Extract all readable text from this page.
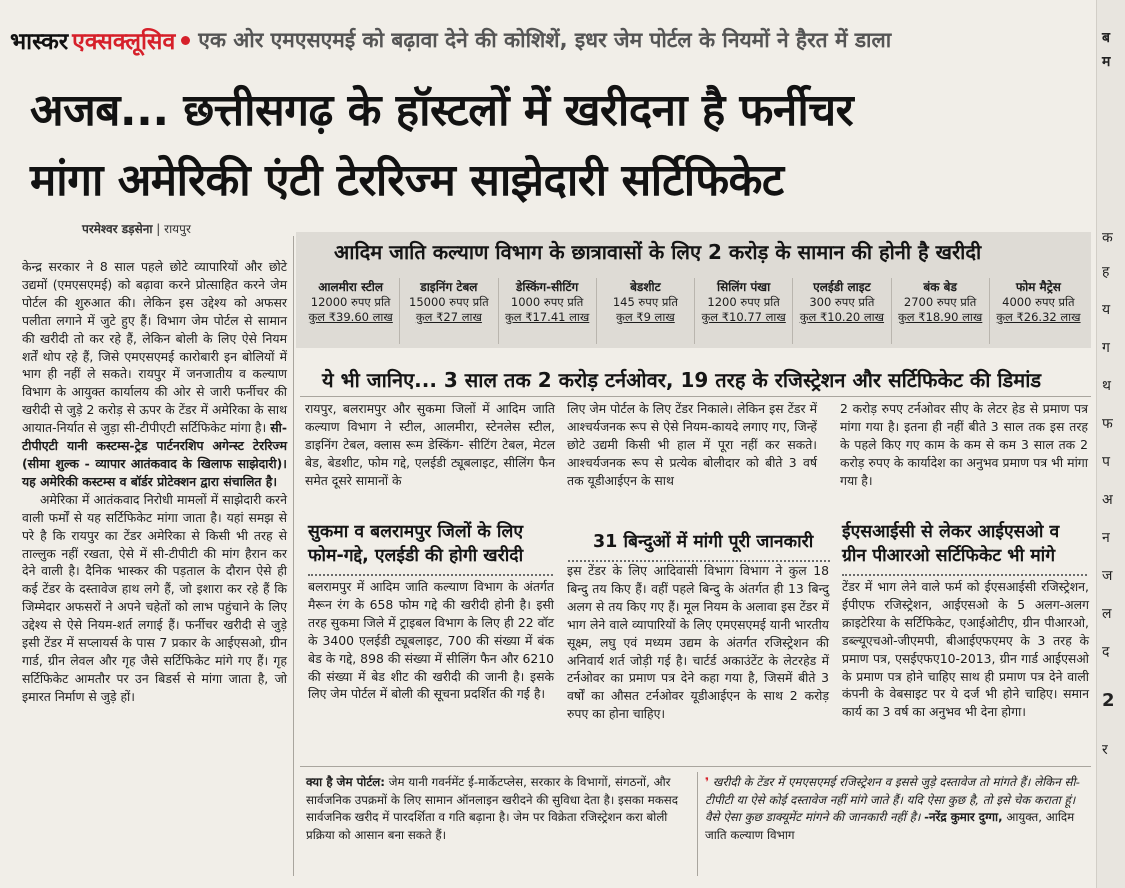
भास्कर एक्सक्लूसिव एक ओर एमएसएमई को बढ़ावा देने की कोशिशें, इधर जेम पोर्टल के नियमों ने हैरत में डाला
अजब... छत्तीसगढ़ के हॉस्टलों में खरीदना है फर्नीचर
मांगा अमेरिकी एंटी टेररिज्म साझेदारी सर्टिफिकेट
परमेश्वर डड़सेना | रायपुर

केन्द्र सरकार ने 8 साल पहले छोटे व्यापारियों और छोटे उद्यमों (एमएसएमई) को बढ़ावा करने प्रोत्साहित करने जेम पोर्टल की शुरुआत की। लेकिन इस उद्देश्य को अफसर पलीता लगाने में जुटे हुए हैं। विभाग जेम पोर्टल से सामान की खरीदी तो कर रहे हैं, लेकिन बोली के लिए ऐसे नियम शर्तें थोप रहे हैं, जिसे एमएसएमई कारोबारी इन बोलियों में भाग ही नहीं ले सकते। रायपुर में जनजातीय व कल्याण विभाग के आयुक्त कार्यालय की ओर से जारी फर्नीचर की खरीदी से जुड़े 2 करोड़ से ऊपर के टेंडर में अमेरिका के साथ आयात-निर्यात से जुड़ा सी-टीपीएटी सर्टिफिकेट मांगा है। सी-टीपीएटी यानी कस्टम्स-ट्रेड पार्टनरशिप अगेन्स्ट टेररिज्म (सीमा शुल्क - व्यापार आतंकवाद के खिलाफ साझेदारी)। यह अमेरिकी कस्टम्स व बॉर्डर प्रोटेक्शन द्वारा संचालित है।

अमेरिका में आतंकवाद निरोधी मामलों में साझेदारी करने वाली फर्मों से यह सर्टिफिकेट मांगा जाता है। यहां समझ से परे है कि रायपुर का टेंडर अमेरिका से किसी भी तरह से ताल्लुक नहीं रखता, ऐसे में सी-टीपीटी की मांग हैरान कर देने वाली है। दैनिक भास्कर की पड़ताल के दौरान ऐसे ही कई टेंडर के दस्तावेज हाथ लगे हैं, जो इशारा कर रहे हैं कि जिम्मेदार अफसरों ने अपने चहेतों को लाभ पहुंचाने के लिए उद्देश्य से ऐसे नियम-शर्त लगाई हैं। फर्नीचर खरीदी से जुड़े इसी टेंडर में सप्लायर्स के पास 7 प्रकार के आईएसओ, ग्रीन गार्ड, ग्रीन लेवल और गृह जैसे सर्टिफिकेट मांगे गए हैं। गृह सर्टिफिकेट आमतौर पर उन बिडर्स से मांगा जाता है, जो इमारत निर्माण से जुड़े हों।

आदिम जाति कल्याण विभाग के छात्रावासों के लिए 2 करोड़ के सामान की होनी है खरीदी
आलमीरा स्टील
12000 रुपए प्रति
कुल ₹39.60 लाख
डाइनिंग टेबल
15000 रुपए प्रति
कुल ₹27 लाख
डेस्किंग-सीटिंग
1000 रुपए प्रति
कुल ₹17.41 लाख
बेडशीट
145 रुपए प्रति
कुल ₹9 लाख
सिलिंग पंखा
1200 रुपए प्रति
कुल ₹10.77 लाख
एलईडी लाइट
300 रुपए प्रति
कुल ₹10.20 लाख
बंक बेड
2700 रुपए प्रति
कुल ₹18.90 लाख
फोम मैट्रेस
4000 रुपए प्रति
कुल ₹26.32 लाख
ये भी जानिए... 3 साल तक 2 करोड़ टर्नओवर, 19 तरह के रजिस्ट्रेशन और सर्टिफिकेट की डिमांड
रायपुर, बलरामपुर और सुकमा जिलों में आदिम जाति कल्याण विभाग ने स्टील, आलमीरा, स्टेनलेस स्टील, डाइनिंग टेबल, क्लास रूम डेस्किंग- सीटिंग टेबल, मेटल बेड, बेडशीट, फोम गद्दे, एलईडी ट्यूबलाइट, सीलिंग फैन समेत दूसरे सामानों के
लिए जेम पोर्टल के लिए टेंडर निकाले। लेकिन इस टेंडर में आश्चर्यजनक रूप से ऐसे नियम-कायदे लगाए गए, जिन्हें छोटे उद्यमी किसी भी हाल में पूरा नहीं कर सकते। आश्चर्यजनक रूप से प्रत्येक बोलीदार को बीते 3 वर्ष तक यूडीआईएन के साथ
2 करोड़ रुपए टर्नओवर सीए के लेटर हेड से प्रमाण पत्र मांगा गया है। इतना ही नहीं बीते 3 साल तक इस तरह के पहले किए गए काम के कम से कम 3 साल तक 2 करोड़ रुपए के कार्यादेश का अनुभव प्रमाण पत्र भी मांगा गया है।
सुकमा व बलरामपुर जिलों के लिए फोम-गद्दे, एलईडी की होगी खरीदी
बलरामपुर में आदिम जाति कल्याण विभाग के अंतर्गत मैरून रंग के 658 फोम गद्दे की खरीदी होनी है। इसी तरह सुकमा जिले में ट्राइबल विभाग के लिए ही 22 वॉट के 3400 एलईडी ट्यूबलाइट, 700 की संख्या में बंक बेड के गद्दे, 898 की संख्या में सीलिंग फैन और 6210 की संख्या में बेड शीट की खरीदी की जानी है। इसके लिए जेम पोर्टल में बोली की सूचना प्रदर्शित की गई है।
31 बिन्दुओं में मांगी पूरी जानकारी
इस टेंडर के लिए आदिवासी विभाग विभाग ने कुल 18 बिन्दु तय किए हैं। वहीं पहले बिन्दु के अंतर्गत ही 13 बिन्दु अलग से तय किए गए हैं। मूल नियम के अलावा इस टेंडर में भाग लेने वाले व्यापारियों के लिए एमएसएमई यानी भारतीय सूक्ष्म, लघु एवं मध्यम उद्यम के अंतर्गत रजिस्ट्रेशन की अनिवार्य शर्त जोड़ी गई है। चार्टर्ड अकाउंटेंट के लेटरहेड में टर्नओवर का प्रमाण पत्र देने कहा गया है, जिसमें बीते 3 वर्षों का औसत टर्नओवर यूडीआईएन के साथ 2 करोड़ रुपए का होना चाहिए।
ईएसआईसी से लेकर आईएसओ व ग्रीन पीआरओ सर्टिफिकेट भी मांगे
टेंडर में भाग लेने वाले फर्म को ईएसआईसी रजिस्ट्रेशन, ईपीएफ रजिस्ट्रेशन, आईएसओ के 5 अलग-अलग क्राइटेरिया के सर्टिफिकेट, एआईओटीए, ग्रीन पीआरओ, डब्ल्यूएचओ-जीएमपी, बीआईएफएमए के 3 तरह के प्रमाण पत्र, एसईएफए10-2013, ग्रीन गार्ड आईएसओ के प्रमाण पत्र होने चाहिए साथ ही प्रमाण पत्र देने वाली कंपनी के वेबसाइट पर ये दर्ज भी होने चाहिए। समान कार्य का 3 वर्ष का अनुभव भी देना होगा।
क्या है जेम पोर्टल: जेम यानी गवर्नमेंट ई-मार्केटप्लेस, सरकार के विभागों, संगठनों, और सार्वजनिक उपक्रमों के लिए सामान ऑनलाइन खरीदने की सुविधा देता है। इसका मकसद सार्वजनिक खरीद में पारदर्शिता व गति बढ़ाना है। जेम पर विक्रेता रजिस्ट्रेशन करा बोली प्रक्रिया को आसान बना सकते हैं।
❜ खरीदी के टेंडर में एमएसएमई रजिस्ट्रेशन व इससे जुड़े दस्तावेज तो मांगते हैं। लेकिन सी-टीपीटी या ऐसे कोई दस्तावेज नहीं मांगे जाते हैं। यदि ऐसा कुछ है, तो इसे चेक कराता हूं। वैसे ऐसा कुछ डाक्यूमेंट मांगने की जानकारी नहीं है। -नरेंद्र कुमार दुग्गा, आयुक्त, आदिम जाति कल्याण विभाग
ब
म
क
ह
य
ग
थ
फ
प
अ
न
ज
ल
द
2
र
